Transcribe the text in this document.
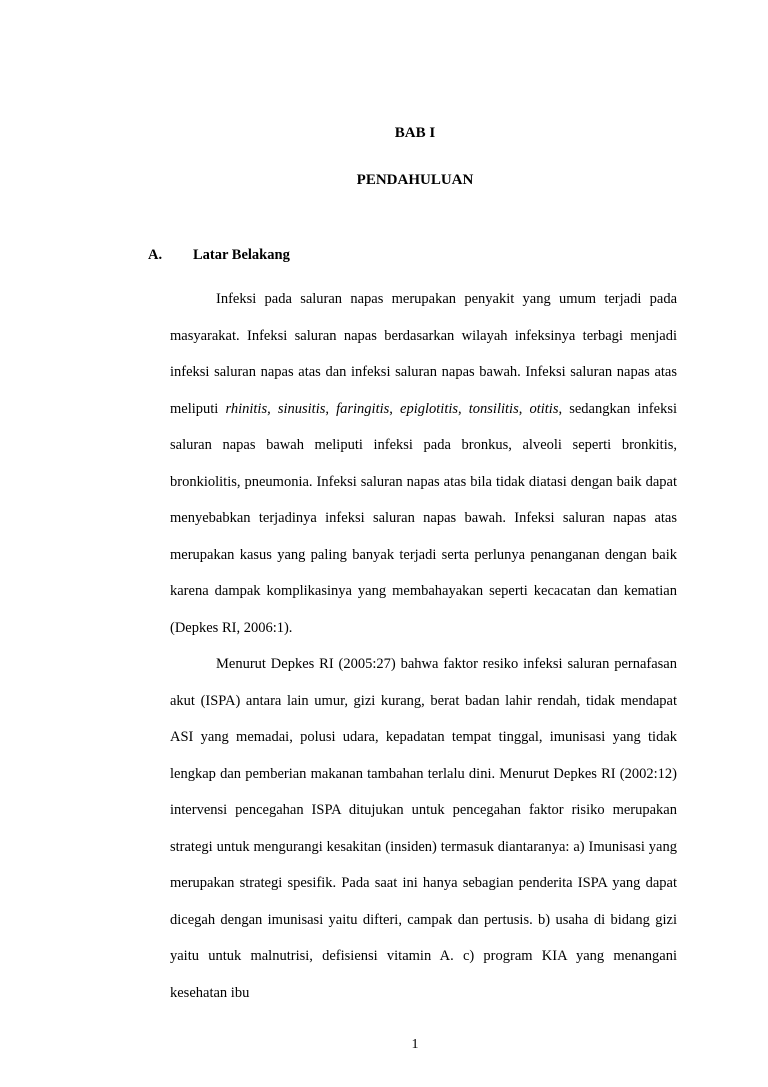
BAB I
PENDAHULUAN
A. Latar Belakang

Infeksi pada saluran napas merupakan penyakit yang umum terjadi pada masyarakat. Infeksi saluran napas berdasarkan wilayah infeksinya terbagi menjadi infeksi saluran napas atas dan infeksi saluran napas bawah. Infeksi saluran napas atas meliputi rhinitis, sinusitis, faringitis, epiglotitis, tonsilitis, otitis, sedangkan infeksi saluran napas bawah meliputi infeksi pada bronkus, alveoli seperti bronkitis, bronkiolitis, pneumonia. Infeksi saluran napas atas bila tidak diatasi dengan baik dapat menyebabkan terjadinya infeksi saluran napas bawah. Infeksi saluran napas atas merupakan kasus yang paling banyak terjadi serta perlunya penanganan dengan baik karena dampak komplikasinya yang membahayakan seperti kecacatan dan kematian (Depkes RI, 2006:1).

Menurut Depkes RI (2005:27) bahwa faktor resiko infeksi saluran pernafasan akut (ISPA) antara lain umur, gizi kurang, berat badan lahir rendah, tidak mendapat ASI yang memadai, polusi udara, kepadatan tempat tinggal, imunisasi yang tidak lengkap dan pemberian makanan tambahan terlalu dini. Menurut Depkes RI (2002:12) intervensi pencegahan ISPA ditujukan untuk pencegahan faktor risiko merupakan strategi untuk mengurangi kesakitan (insiden) termasuk diantaranya: a) Imunisasi yang merupakan strategi spesifik. Pada saat ini hanya sebagian penderita ISPA yang dapat dicegah dengan imunisasi yaitu difteri, campak dan pertusis. b) usaha di bidang gizi yaitu untuk malnutrisi, defisiensi vitamin A. c) program KIA yang menangani kesehatan ibu

1
